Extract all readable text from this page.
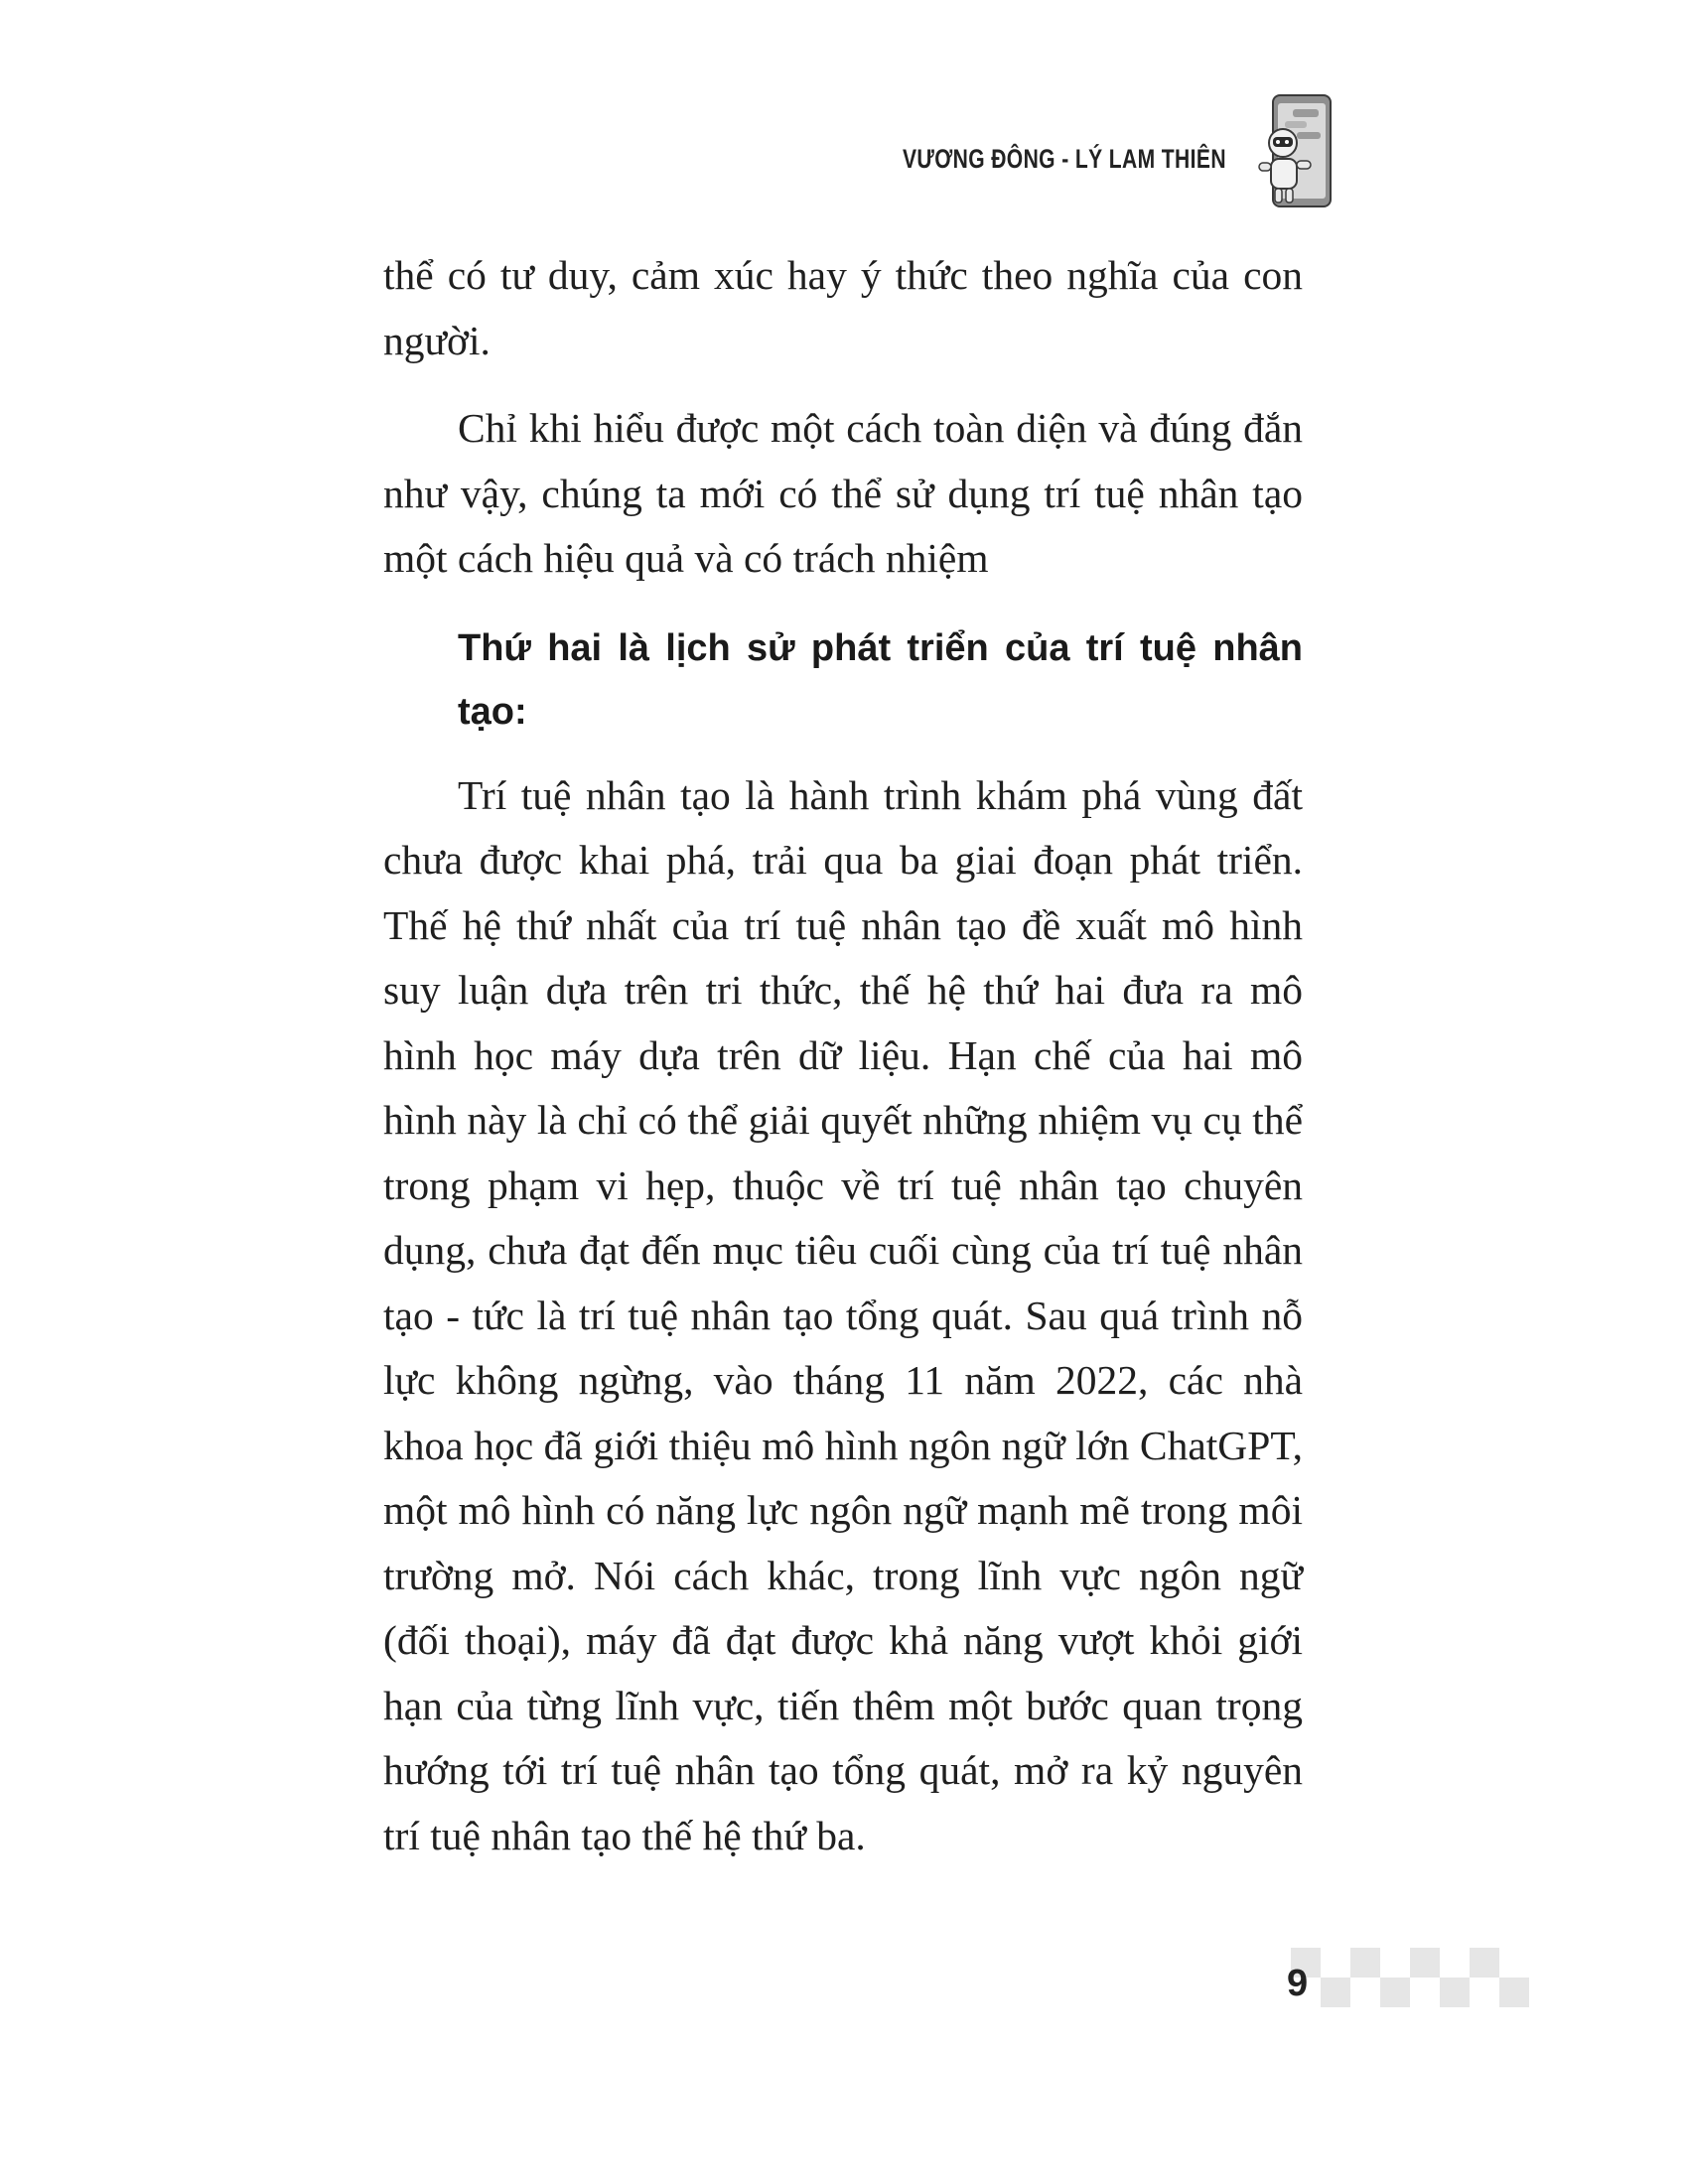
VƯƠNG ĐÔNG - LÝ LAM THIÊN

thể có tư duy, cảm xúc hay ý thức theo nghĩa của con người.

Chỉ khi hiểu được một cách toàn diện và đúng đắn như vậy, chúng ta mới có thể sử dụng trí tuệ nhân tạo một cách hiệu quả và có trách nhiệm

Thứ hai là lịch sử phát triển của trí tuệ nhân tạo:

Trí tuệ nhân tạo là hành trình khám phá vùng đất chưa được khai phá, trải qua ba giai đoạn phát triển. Thế hệ thứ nhất của trí tuệ nhân tạo đề xuất mô hình suy luận dựa trên tri thức, thế hệ thứ hai đưa ra mô hình học máy dựa trên dữ liệu. Hạn chế của hai mô hình này là chỉ có thể giải quyết những nhiệm vụ cụ thể trong phạm vi hẹp, thuộc về trí tuệ nhân tạo chuyên dụng, chưa đạt đến mục tiêu cuối cùng của trí tuệ nhân tạo - tức là trí tuệ nhân tạo tổng quát. Sau quá trình nỗ lực không ngừng, vào tháng 11 năm 2022, các nhà khoa học đã giới thiệu mô hình ngôn ngữ lớn ChatGPT, một mô hình có năng lực ngôn ngữ mạnh mẽ trong môi trường mở. Nói cách khác, trong lĩnh vực ngôn ngữ (đối thoại), máy đã đạt được khả năng vượt khỏi giới hạn của từng lĩnh vực, tiến thêm một bước quan trọng hướng tới trí tuệ nhân tạo tổng quát, mở ra kỷ nguyên trí tuệ nhân tạo thế hệ thứ ba.

9
